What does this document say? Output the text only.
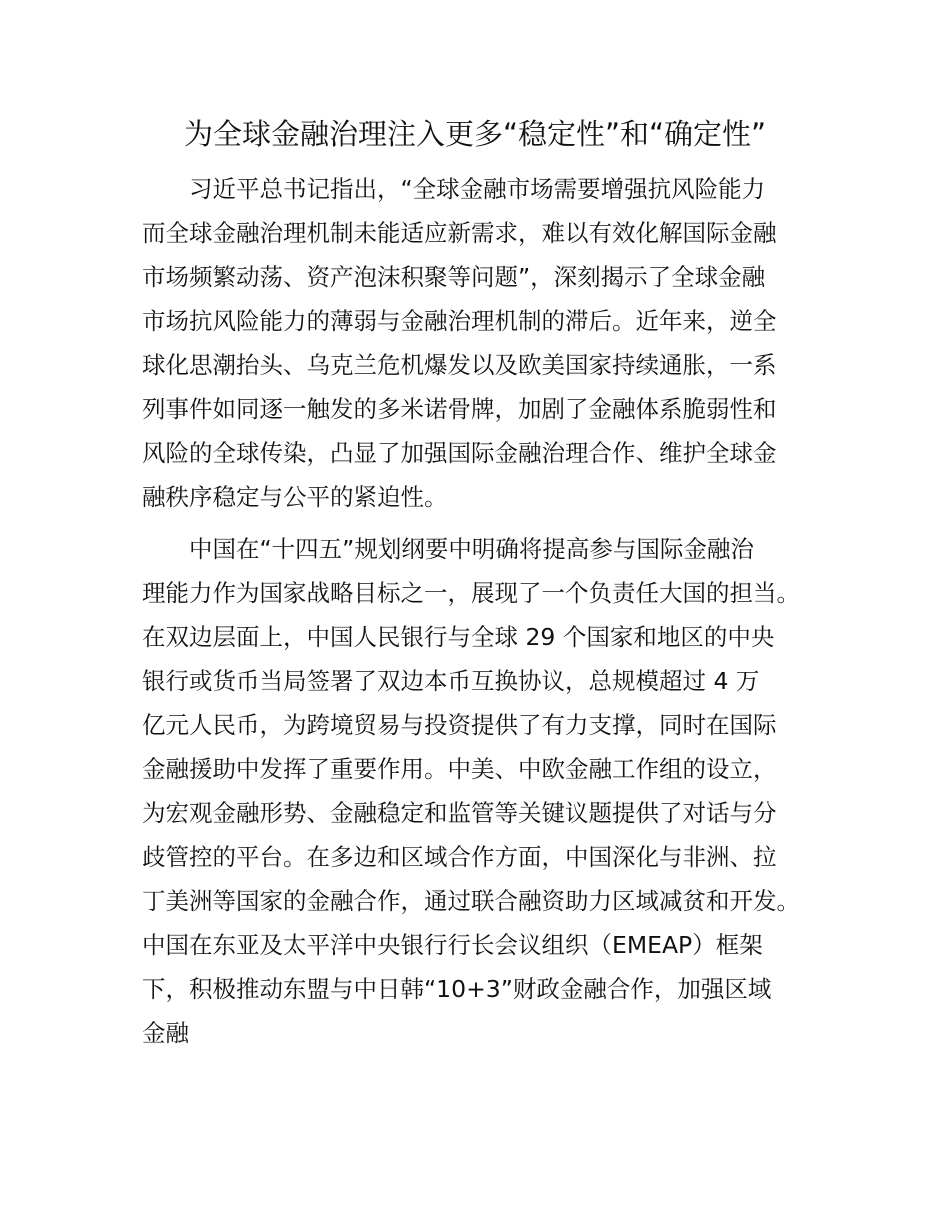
为全球金融治理注入更多“稳定性”和“确定性”
习近平总书记指出，“全球金融市场需要增强抗风险能力
而全球金融治理机制未能适应新需求，难以有效化解国际金融
市场频繁动荡、资产泡沫积聚等问题”，深刻揭示了全球金融
市场抗风险能力的薄弱与金融治理机制的滞后。近年来，逆全
球化思潮抬头、乌克兰危机爆发以及欧美国家持续通胀，一系
列事件如同逐一触发的多米诺骨牌，加剧了金融体系脆弱性和
风险的全球传染，凸显了加强国际金融治理合作、维护全球金
融秩序稳定与公平的紧迫性。
中国在“十四五”规划纲要中明确将提高参与国际金融治
理能力作为国家战略目标之一，展现了一个负责任大国的担当。
在双边层面上，中国人民银行与全球 29 个国家和地区的中央
银行或货币当局签署了双边本币互换协议，总规模超过 4 万
亿元人民币，为跨境贸易与投资提供了有力支撑，同时在国际
金融援助中发挥了重要作用。中美、中欧金融工作组的设立，
为宏观金融形势、金融稳定和监管等关键议题提供了对话与分
歧管控的平台。在多边和区域合作方面，中国深化与非洲、拉
丁美洲等国家的金融合作，通过联合融资助力区域减贫和开发。
中国在东亚及太平洋中央银行行长会议组织（EMEAP）框架
下，积极推动东盟与中日韩“10+3”财政金融合作，加强区域
金融
